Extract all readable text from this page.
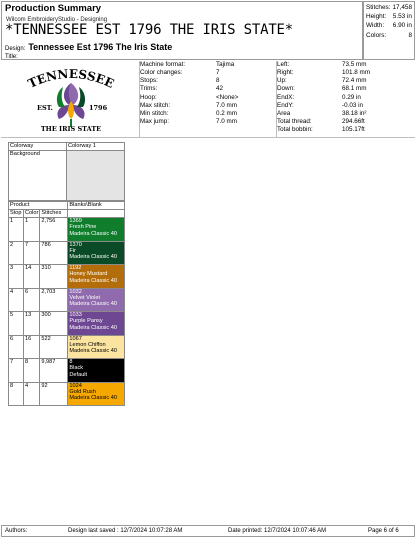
Production Summary
Wilcom EmbroideryStudio - Designing
*TENNESSEE EST 1796 THE IRIS STATE*
Design: Tennessee Est 1796 The Iris State
Title:
Stitches: 17,458
Height: 5.53 in
Width: 6.90 in
Colors:	8
TENNESSEE
EST.	1796
THE IRIS STATE
Machine format:	Tajima
Color changes:	7
Stops:	8
Trims:	42
Hoop:	<None>
Max stitch:	7.0 mm
Min stitch:	0.2 mm
Max jump:	7.0 mm
Left:	73.5 mm
Right:	101.8 mm
Up:	72.4 mm
Down:	68.1 mm
EndX:	0.29 in
EndY:	-0.03 in
Area	38.18 in²
Total thread:	294.66ft
Total bobbin:	105.17ft
Colorway	Colorway 1
Background	
Product			Blanks\Blank
Stop	Color	Stitches	
1	1	2,756	1369
Fresh Pine
Madeira Classic 40

2	7	786	1370
Fir
Madeira Classic 40

3	14	310	1192
Honey Mustard
Madeira Classic 40

4	6	2,703	1032
Velvet Violet
Madeira Classic 40

5	13	300	1033
Purple Pansy
Madeira Classic 40

6	16	522	1067
Lemon Chiffon
Madeira Classic 40

7	8	9,987	8
Black
Default

8	4	92	1024
Gold Rush
Madeira Classic 40
Authors:	Design last saved : 12/7/2024 10:07:28 AM	Date printed: 12/7/2024 10:07:46 AM	Page 6 of 6
